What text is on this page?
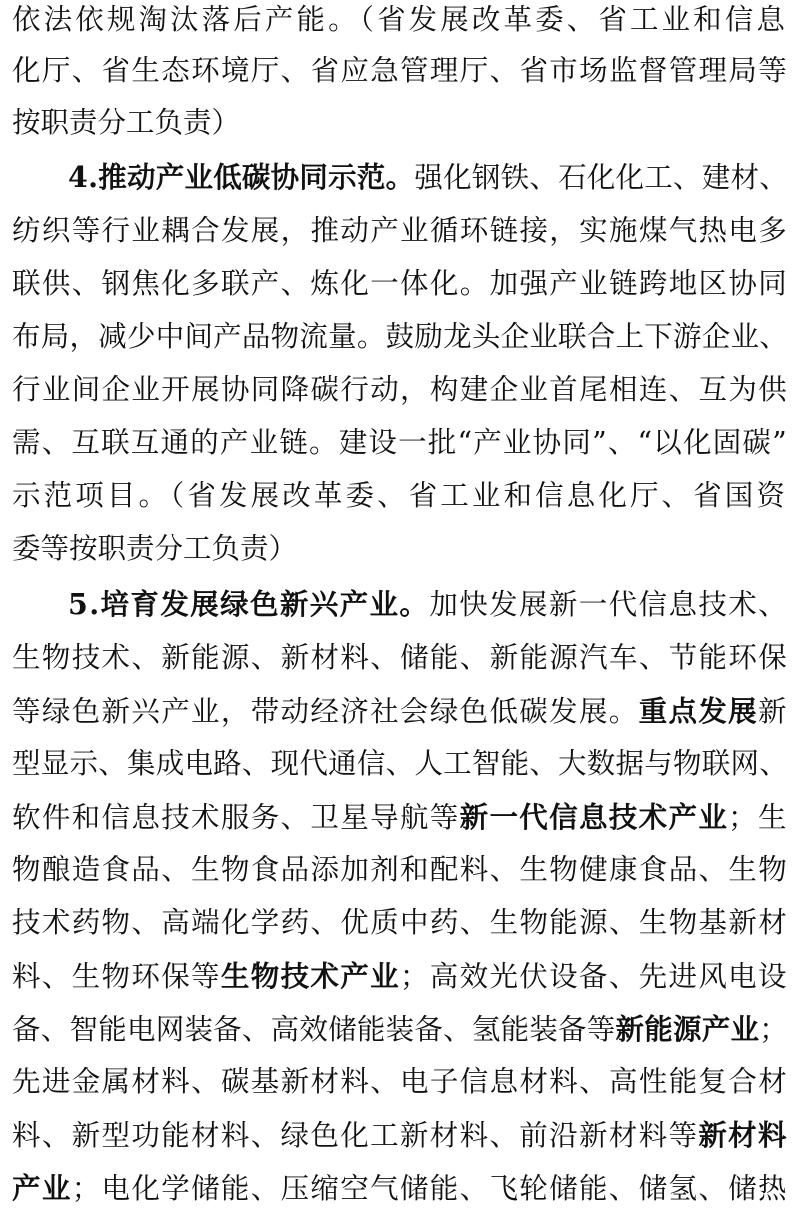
依法依规淘汰落后产能。（省发展改革委、省工业和信息
化厅、省生态环境厅、省应急管理厅、省市场监督管理局等
按职责分工负责）
4.推动产业低碳协同示范。强化钢铁、石化化工、建材、
纺织等行业耦合发展，推动产业循环链接，实施煤气热电多
联供、钢焦化多联产、炼化一体化。加强产业链跨地区协同
布局，减少中间产品物流量。鼓励龙头企业联合上下游企业、
行业间企业开展协同降碳行动，构建企业首尾相连、互为供
需、互联互通的产业链。建设一批“产业协同”、“以化固碳”
示范项目。（省发展改革委、省工业和信息化厅、省国资
委等按职责分工负责）
5.培育发展绿色新兴产业。加快发展新一代信息技术、
生物技术、新能源、新材料、储能、新能源汽车、节能环保
等绿色新兴产业，带动经济社会绿色低碳发展。重点发展新
型显示、集成电路、现代通信、人工智能、大数据与物联网、
软件和信息技术服务、卫星导航等新一代信息技术产业；生
物酿造食品、生物食品添加剂和配料、生物健康食品、生物
技术药物、高端化学药、优质中药、生物能源、生物基新材
料、生物环保等生物技术产业；高效光伏设备、先进风电设
备、智能电网装备、高效储能装备、氢能装备等新能源产业；
先进金属材料、碳基新材料、电子信息材料、高性能复合材
料、新型功能材料、绿色化工新材料、前沿新材料等新材料
产业；电化学储能、压缩空气储能、飞轮储能、储氢、储热
